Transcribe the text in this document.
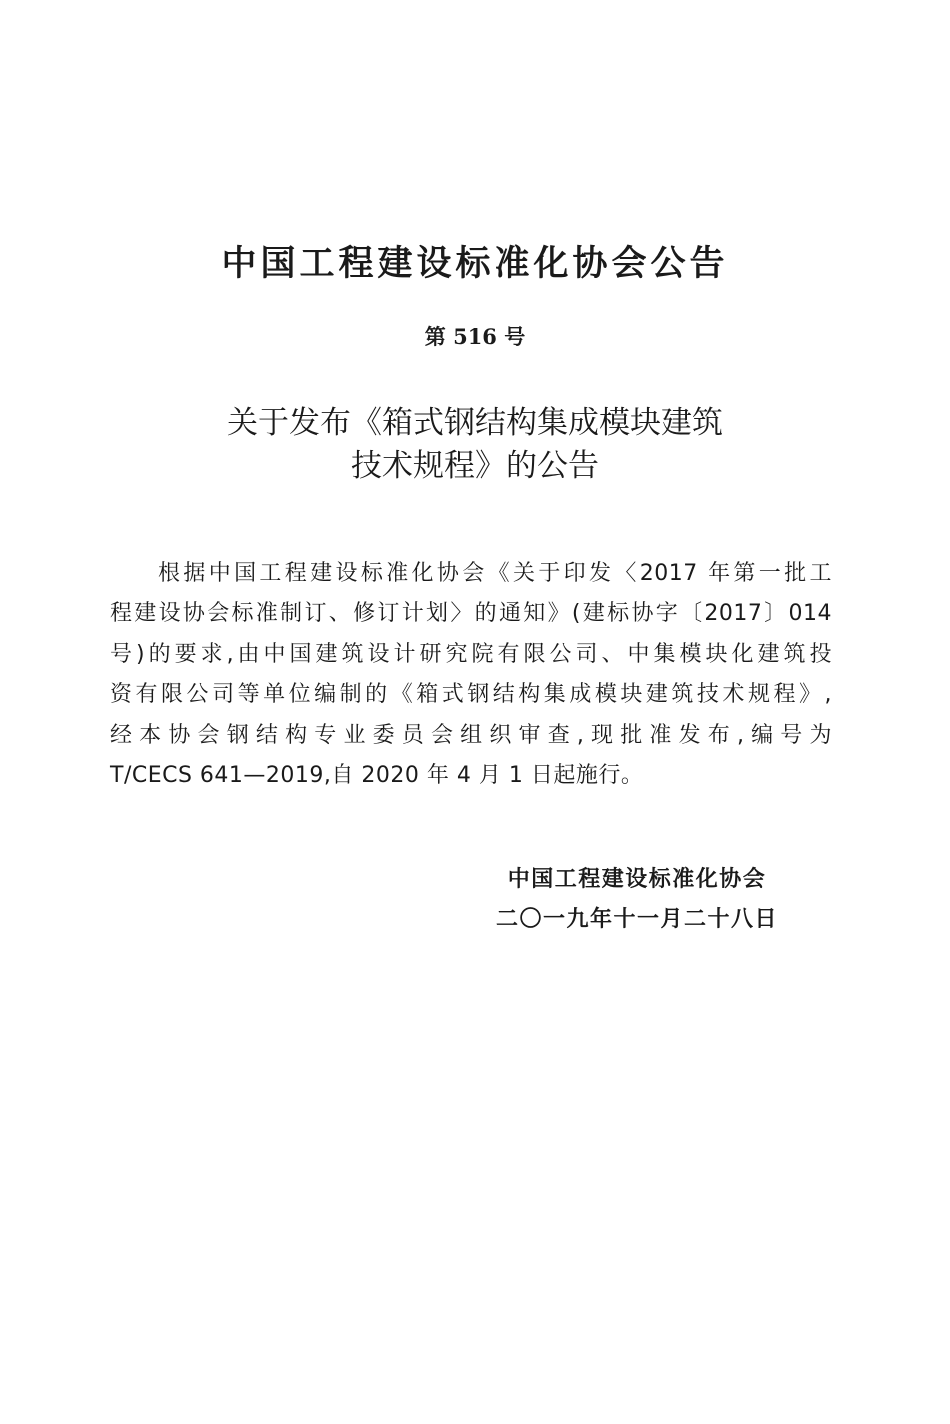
中国工程建设标准化协会公告
第 516 号
关于发布《箱式钢结构集成模块建筑
技术规程》的公告
根据中国工程建设标准化协会《关于印发〈2017 年第一批工
程建设协会标准制订、修订计划〉的通知》(建标协字〔2017〕014
号)的要求,由中国建筑设计研究院有限公司、中集模块化建筑投
资有限公司等单位编制的《箱式钢结构集成模块建筑技术规程》,
经本协会钢结构专业委员会组织审查,现批准发布,编号为
T/CECS 641—2019,自 2020 年 4 月 1 日起施行。
中国工程建设标准化协会
二〇一九年十一月二十八日
